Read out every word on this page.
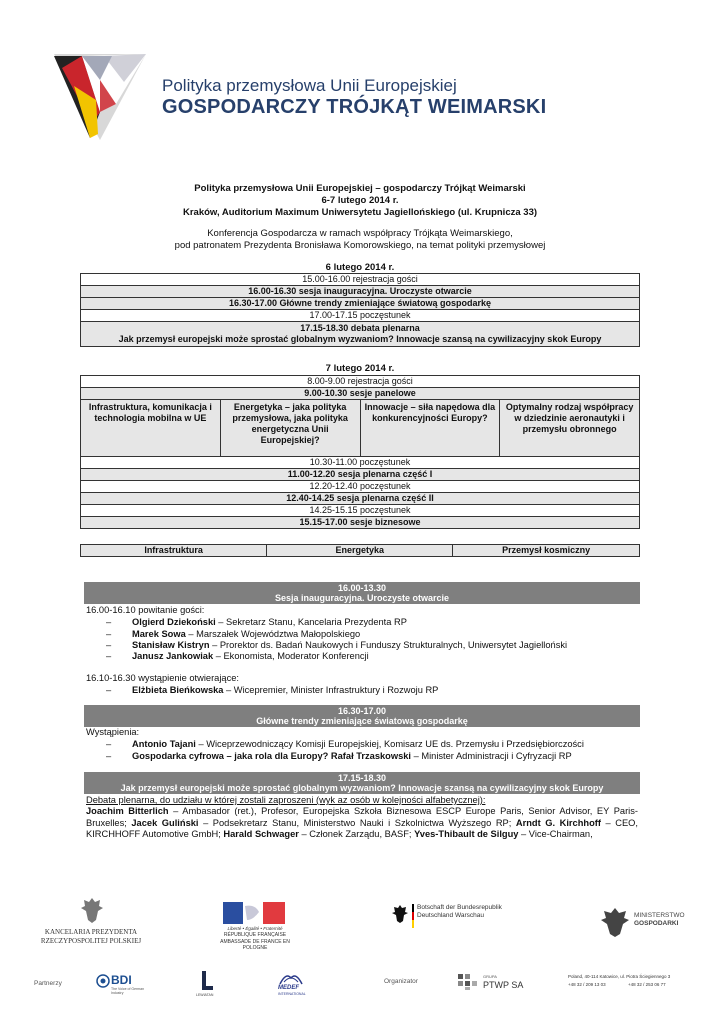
Polityka przemysłowa Unii Europejskiej
GOSPODARCZY TRÓJKĄT WEIMARSKI
Polityka przemysłowa Unii Europejskiej – gospodarczy Trójkąt Weimarski
6-7 lutego 2014 r.
Kraków, Auditorium Maximum Uniwersytetu Jagiellońskiego (ul. Krupnicza 33)
Konferencja Gospodarcza w ramach współpracy Trójkąta Weimarskiego,
pod patronatem Prezydenta Bronisława Komorowskiego, na temat polityki przemysłowej
6 lutego 2014 r.
15.00-16.00 rejestracja gości
16.00-16.30 sesja inauguracyjna. Uroczyste otwarcie
16.30-17.00 Główne trendy zmieniające światową gospodarkę
17.00-17.15 poczęstunek

17.15-18.30 debata plenarna
Jak przemysł europejski może sprostać globalnym wyzwaniom? Innowacje szansą na cywilizacyjny skok Europy
7 lutego 2014 r.
8.00-9.00 rejestracja gości
9.00-10.30 sesje panelowe
Infrastruktura, komunikacja i technologia mobilna w UE	Energetyka – jaka polityka przemysłowa, jaka polityka energetyczna Unii Europejskiej?	Innowacje – siła napędowa dla konkurencyjności Europy?	Optymalny rodzaj współpracy w dziedzinie aeronautyki i przemysłu obronnego
10.30-11.00 poczęstunek
11.00-12.20 sesja plenarna część I
12.20-12.40 poczęstunek
12.40-14.25 sesja plenarna część II
14.25-15.15 poczęstunek
15.15-17.00 sesje biznesowe
Infrastruktura	Energetyka	Przemysł kosmiczny
16.00-13.30
Sesja inauguracyjna. Uroczyste otwarcie
16.00-16.10 powitanie gości:
– Olgierd Dziekoński – Sekretarz Stanu, Kancelaria Prezydenta RP
– Marek Sowa – Marszałek Województwa Małopolskiego
– Stanisław Kistryn – Prorektor ds. Badań Naukowych i Funduszy Strukturalnych, Uniwersytet Jagielloński
– Janusz Jankowiak – Ekonomista, Moderator Konferencji
16.10-16.30 wystąpienie otwierające:
– Elżbieta Bieńkowska – Wicepremier, Minister Infrastruktury i Rozwoju RP
16.30-17.00
Główne trendy zmieniające światową gospodarkę
Wystąpienia:
– Antonio Tajani – Wiceprzewodniczący Komisji Europejskiej, Komisarz UE ds. Przemysłu i Przedsiębiorczości
– Gospodarka cyfrowa – jaka rola dla Europy? Rafał Trzaskowski – Minister Administracji i Cyfryzacji RP
17.15-18.30
Jak przemysł europejski może sprostać globalnym wyzwaniom? Innowacje szansą na cywilizacyjny skok Europy
Debata plenarna, do udziału w której zostali zaproszeni (wyk az osób w kolejności alfabetycznej):
Joachim Bitterlich – Ambasador (ret.), Profesor, Europejska Szkoła Biznesowa ESCP Europe Paris, Senior Advisor, EY Paris-Bruxelles; Jacek Guliński – Podsekretarz Stanu, Ministerstwo Nauki i Szkolnictwa Wyższego RP; Arndt G. Kirchhoff – CEO, KIRCHHOFF Automotive GmbH; Harald Schwager – Członek Zarządu, BASF; Yves-Thibault de Silguy – Vice-Chairman,
KANCELARIA PREZYDENTA RZECZYPOSPOLITEJ POLSKIEJ
Liberté • Égalité • Fraternité
RÉPUBLIQUE FRANÇAISE
AMBASSADE DE FRANCE EN POLOGNE
Botschaft der Bundesrepublik Deutschland Warschau	MINISTERSTWO
GOSPODARKI
Partnerzy	BDI
The Voice of German Industry	LEWIATAN
MEDEF
INTERNATIONAL
Organizator
GRUPA
PTWP SA
Poland, 40-114 Katowice, ul. Piotra Ściegiennego 3
+48 32 / 209 13 03	+48 32 / 253 06 77
